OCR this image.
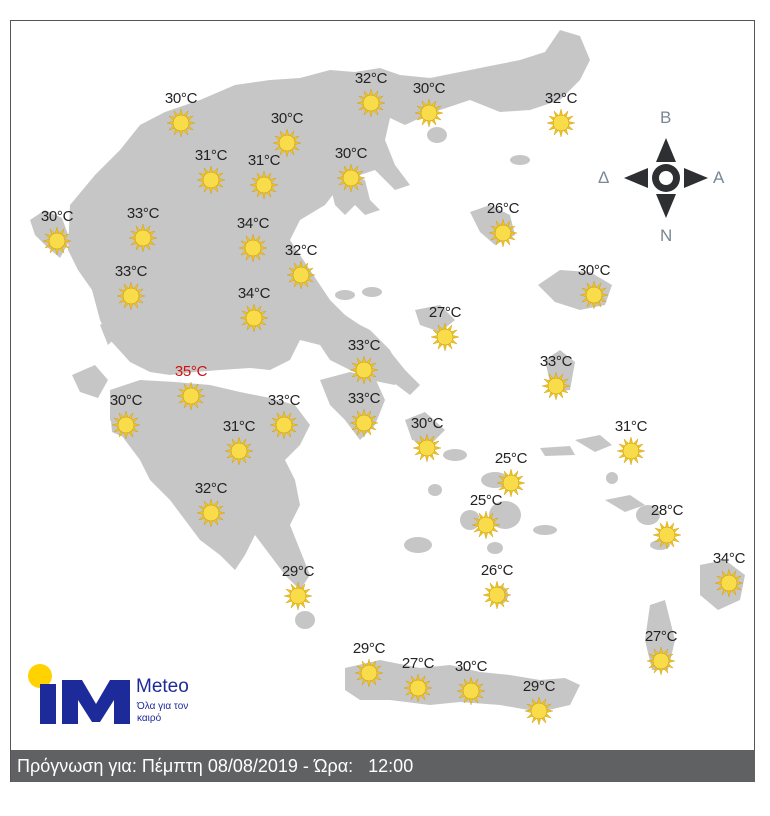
30°C
32°C
30°C
32°C
30°C
31°C	31°C	30°C
30°C	33°C
34°C
32°C
26°C
33°C
34°C
30°C
27°C
33°C
35°C
33°C
30°C	33°C	33°C
31°C	30°C	31°C
25°C
25°C
32°C
28°C
26°C
29°C
34°C
27°C
29°C
27°C	30°C
29°C
B
N
Δ	A
Meteo
Όλα για τον καιρό
Πρόγνωση για: Πέμπτη 08/08/2019 - Ώρα: 12:00
